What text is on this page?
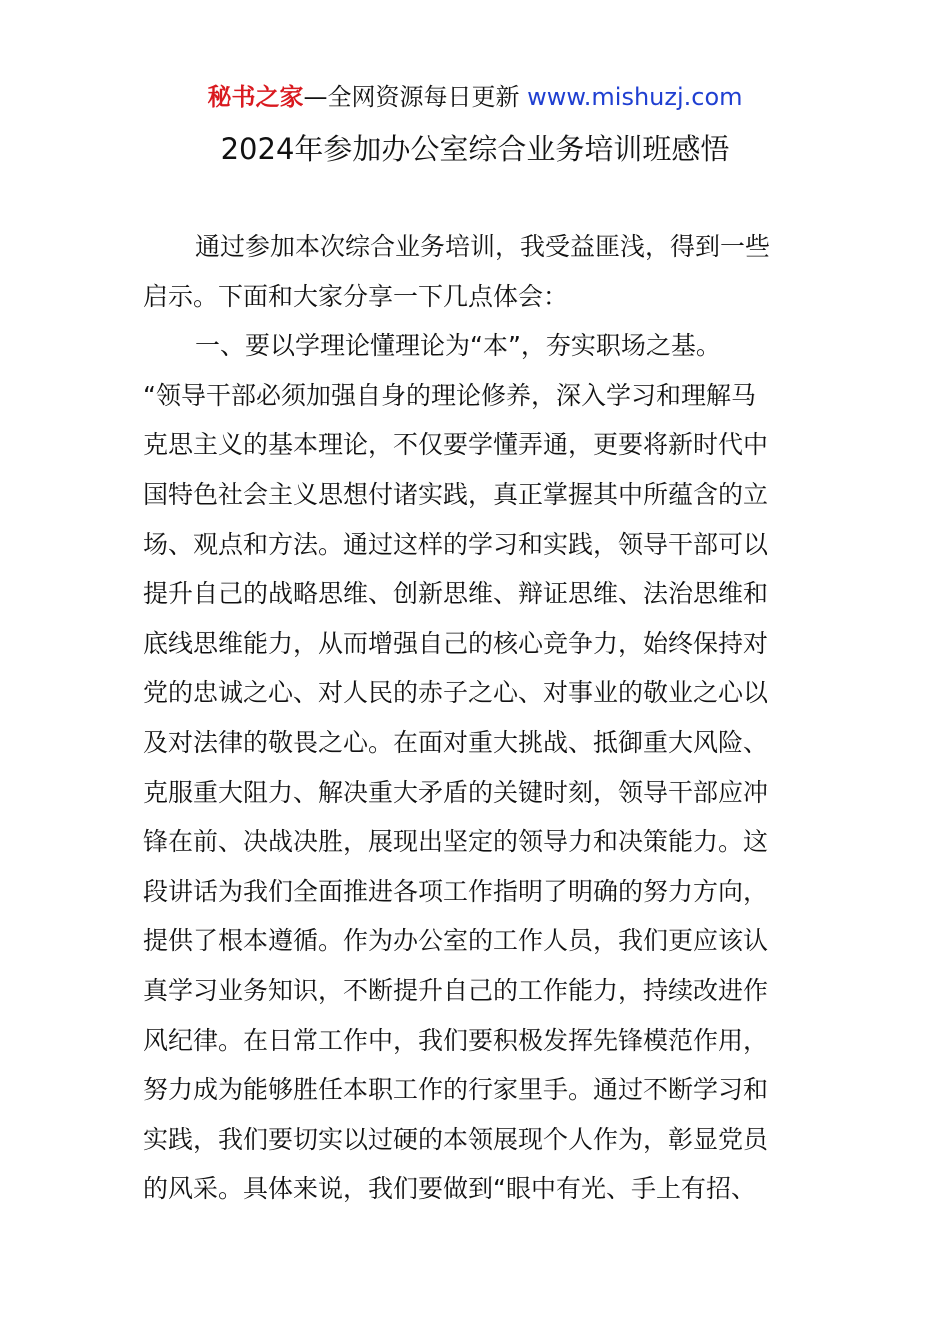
秘书之家—全网资源每日更新 www.mishuzj.com
2024年参加办公室综合业务培训班感悟
通过参加本次综合业务培训，我受益匪浅，得到一些
启示。下面和大家分享一下几点体会：
一、要以学理论懂理论为“本”，夯实职场之基。
“领导干部必须加强自身的理论修养，深入学习和理解马
克思主义的基本理论，不仅要学懂弄通，更要将新时代中
国特色社会主义思想付诸实践，真正掌握其中所蕴含的立
场、观点和方法。通过这样的学习和实践，领导干部可以
提升自己的战略思维、创新思维、辩证思维、法治思维和
底线思维能力，从而增强自己的核心竞争力，始终保持对
党的忠诚之心、对人民的赤子之心、对事业的敬业之心以
及对法律的敬畏之心。在面对重大挑战、抵御重大风险、
克服重大阻力、解决重大矛盾的关键时刻，领导干部应冲
锋在前、决战决胜，展现出坚定的领导力和决策能力。这
段讲话为我们全面推进各项工作指明了明确的努力方向，
提供了根本遵循。作为办公室的工作人员，我们更应该认
真学习业务知识，不断提升自己的工作能力，持续改进作
风纪律。在日常工作中，我们要积极发挥先锋模范作用，
努力成为能够胜任本职工作的行家里手。通过不断学习和
实践，我们要切实以过硬的本领展现个人作为，彰显党员
的风采。具体来说，我们要做到“眼中有光、手上有招、
